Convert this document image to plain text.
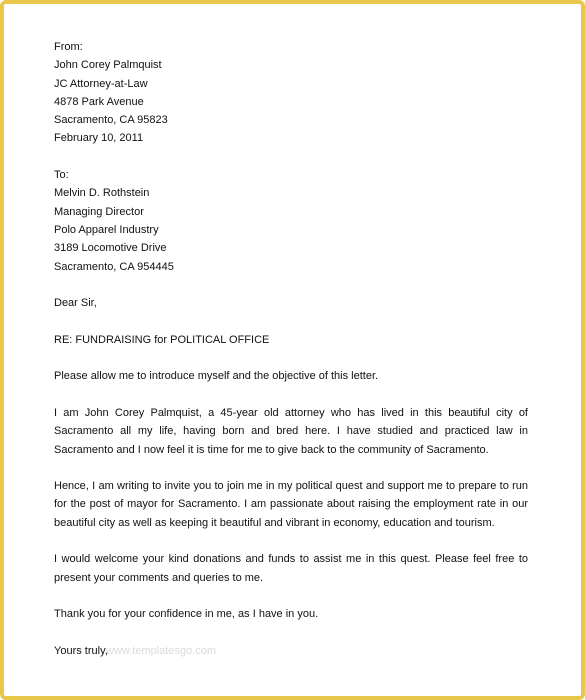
From:

John Corey Palmquist

JC Attorney-at-Law

4878 Park Avenue

Sacramento, CA 95823

February 10, 2011

To:

Melvin D. Rothstein

Managing Director

Polo Apparel Industry

3189 Locomotive Drive

Sacramento, CA 954445

Dear Sir,

RE: FUNDRAISING for POLITICAL OFFICE

Please allow me to introduce myself and the objective of this letter.

I am John Corey Palmquist, a 45-year old attorney who has lived in this beautiful city of Sacramento all my life, having born and bred here. I have studied and practiced law in Sacramento and I now feel it is time for me to give back to the community of Sacramento.

Hence, I am writing to invite you to join me in my political quest and support me to prepare to run for the post of mayor for Sacramento. I am passionate about raising the employment rate in our beautiful city as well as keeping it beautiful and vibrant in economy, education and tourism.

I would welcome your kind donations and funds to assist me in this quest. Please feel free to present your comments and queries to me.

Thank you for your confidence in me, as I have in you.

Yours truly,

www.templatesgo.com
